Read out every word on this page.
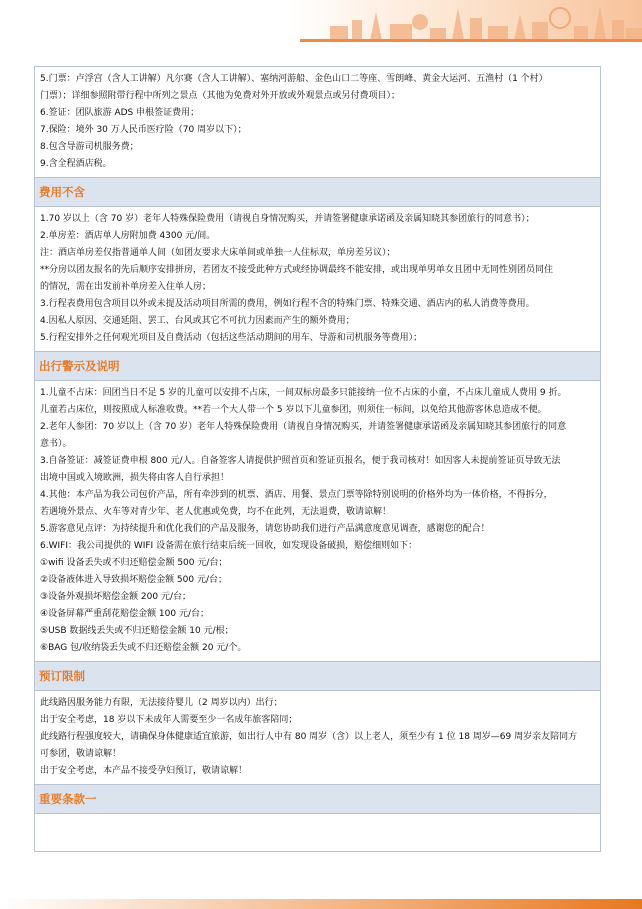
5.门票：卢浮宫（含人工讲解）凡尔赛（含人工讲解）、塞纳河游船、金色山口二等座、雪朗峰、黄金大运河、五渔村（1 个村）

门票）；详细参照附带行程中所列之景点（其他为免费对外开放或外观景点或另付费项目）；

6.签证：团队旅游 ADS 申根签证费用；

7.保险：境外 30 万人民币医疗险（70 周岁以下）；

8.包含导游司机服务费；

9.含全程酒店税。

费用不含

1.70 岁以上（含 70 岁）老年人特殊保险费用（请视自身情况购买，并请签署健康承诺函及亲属知晓其参团旅行的同意书）；

2.单房差：酒店单人房附加费 4300 元/间。

注：酒店单房差仅指普通单人间（如团友要求大床单间或单独一人住标双，单房差另议）；

**分房以团友报名的先后顺序安排拼房，若团友不接受此种方式或经协调最终不能安排，或出现单男单女且团中无同性别团员同住

的情况，需在出发前补单房差入住单人房；

3.行程表费用包含项目以外或未提及活动项目所需的费用，例如行程不含的特殊门票、特殊交通、酒店内的私人消费等费用。

4.因私人原因、交通延阻、罢工、台风或其它不可抗力因素而产生的额外费用；

5.行程安排外之任何观光项目及自费活动（包括这些活动期间的用车、导游和司机服务等费用）；

出行警示及说明

1.儿童不占床：回团当日不足 5 岁的儿童可以安排不占床，一间双标房最多只能接纳一位不占床的小童，不占床儿童成人费用 9 折。

儿童若占床位，则按照成人标准收费。**若一个大人带一个 5 岁以下儿童参团，则须住一标间，以免给其他游客休息造成不便。

2.老年人参团：70 岁以上（含 70 岁）老年人特殊保险费用（请视自身情况购买，并请签署健康承诺函及亲属知晓其参团旅行的同意

意书）。

3.自备签证：减签证费申根 800 元/人。自备签客人请提供护照首页和签证页报名，便于我司核对！如因客人未提前签证页导致无法

出境中国或入境欧洲，损失将由客人自行承担！

4.其他：本产品为我公司包价产品，所有牵涉到的机票、酒店、用餐、景点门票等除特别说明的价格外均为一体价格，不得拆分，

若遇境外景点、火车等对青少年、老人优惠或免费，均不在此列，无法退费，敬请谅解！

5.游客意见点评：为持续提升和优化我们的产品及服务，请您协助我们进行产品满意度意见调查，感谢您的配合！

6.WIFI：我公司提供的 WIFI 设备需在旅行结束后统一回收，如发现设备破损，赔偿细则如下：

①wifi 设备丢失或不归还赔偿金额 500 元/台；

②设备液体进入导致损坏赔偿金额 500 元/台；

③设备外观损坏赔偿金额 200 元/台；

④设备屏幕严重刮花赔偿金额 100 元/台；

⑤USB 数据线丢失或不归还赔偿金额 10 元/根；

⑥BAG 包/收纳袋丢失或不归还赔偿金额 20 元/个。

预订限制

此线路因服务能力有限，无法接待婴儿（2 周岁以内）出行；

出于安全考虑，18 岁以下未成年人需要至少一名成年旅客陪同；

此线路行程强度较大，请确保身体健康适宜旅游，如出行人中有 80 周岁（含）以上老人，须至少有 1 位 18 周岁—69 周岁亲友陪同方

可参团，敬请谅解！

出于安全考虑，本产品不接受孕妇预订，敬请谅解！

重要条款一
